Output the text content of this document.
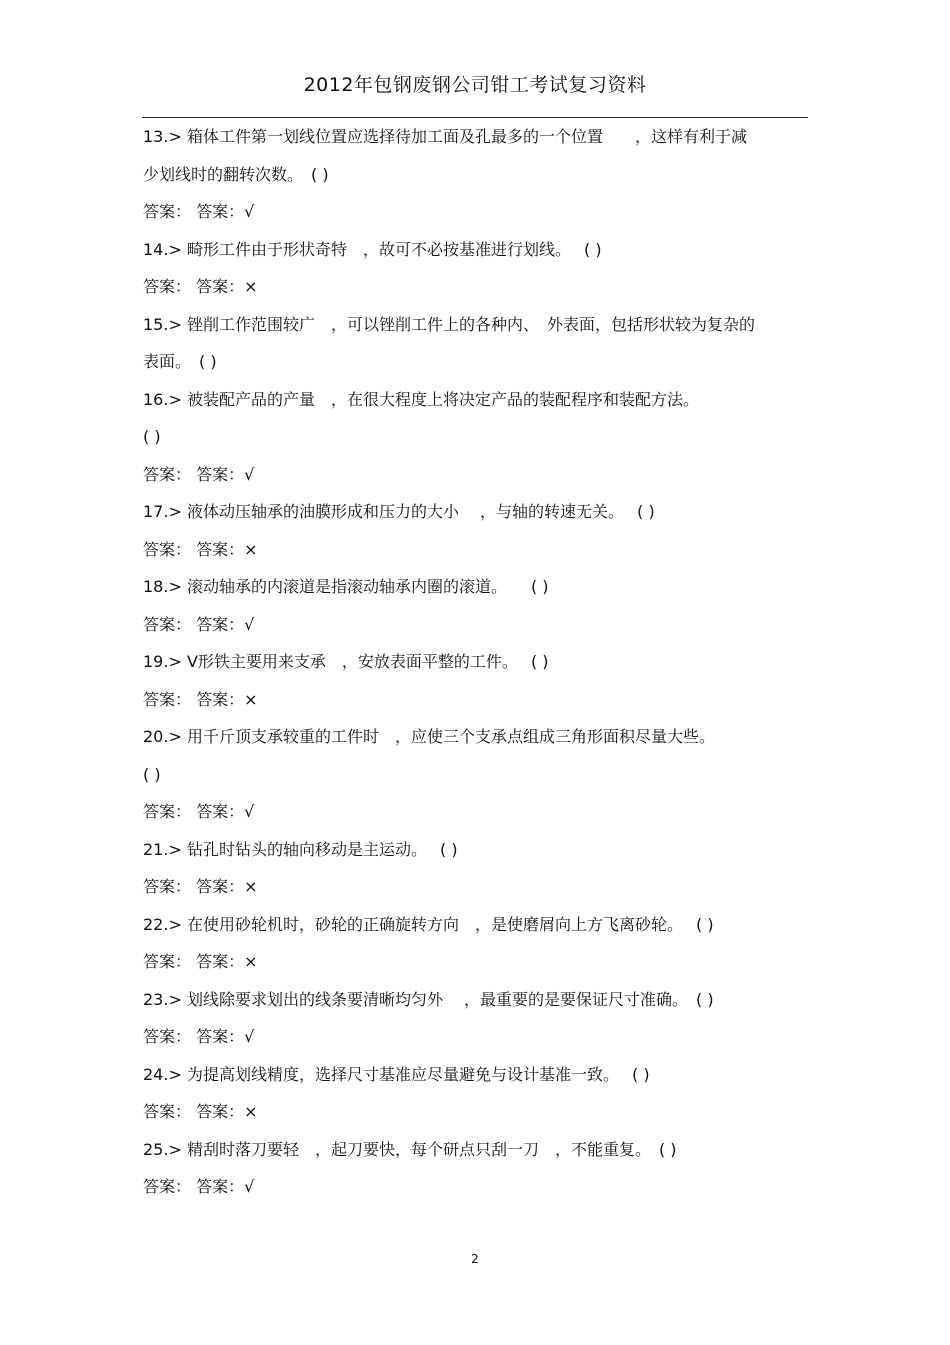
2012年包钢废钢公司钳工考试复习资料
13.> 箱体工件第一划线位置应选择待加工面及孔最多的一个位置　　，这样有利于减
少划线时的翻转次数。　( )
答案： 答案：√
14.> 畸形工件由于形状奇特　，故可不必按基准进行划线。　 ( )
答案： 答案：×
15.> 锉削工作范围较广　，可以锉削工件上的各种内、　外表面，包括形状较为复杂的
表面。　( )
16.> 被装配产品的产量　，在很大程度上将决定产品的装配程序和装配方法。
( )
答案： 答案：√
17.> 液体动压轴承的油膜形成和压力的大小　 ，与轴的转速无关。　 ( )
答案： 答案：×
18.> 滚动轴承的内滚道是指滚动轴承内圈的滚道。　　( )
答案： 答案：√
19.> V形铁主要用来支承　，安放表面平整的工件。　 ( )
答案： 答案：×
20.> 用千斤顶支承较重的工件时　，应使三个支承点组成三角形面积尽量大些。
( )
答案： 答案：√
21.> 钻孔时钻头的轴向移动是主运动。　 ( )
答案： 答案：×
22.> 在使用砂轮机时，砂轮的正确旋转方向　，是使磨屑向上方飞离砂轮。　 ( )
答案： 答案：×
23.> 划线除要求划出的线条要清晰均匀外　 ，最重要的是要保证尺寸准确。　( )
答案： 答案：√
24.> 为提高划线精度，选择尺寸基准应尽量避免与设计基准一致。　 ( )
答案： 答案：×
25.> 精刮时落刀要轻　，起刀要快，每个研点只刮一刀　，不能重复。　( )
答案： 答案：√
2
